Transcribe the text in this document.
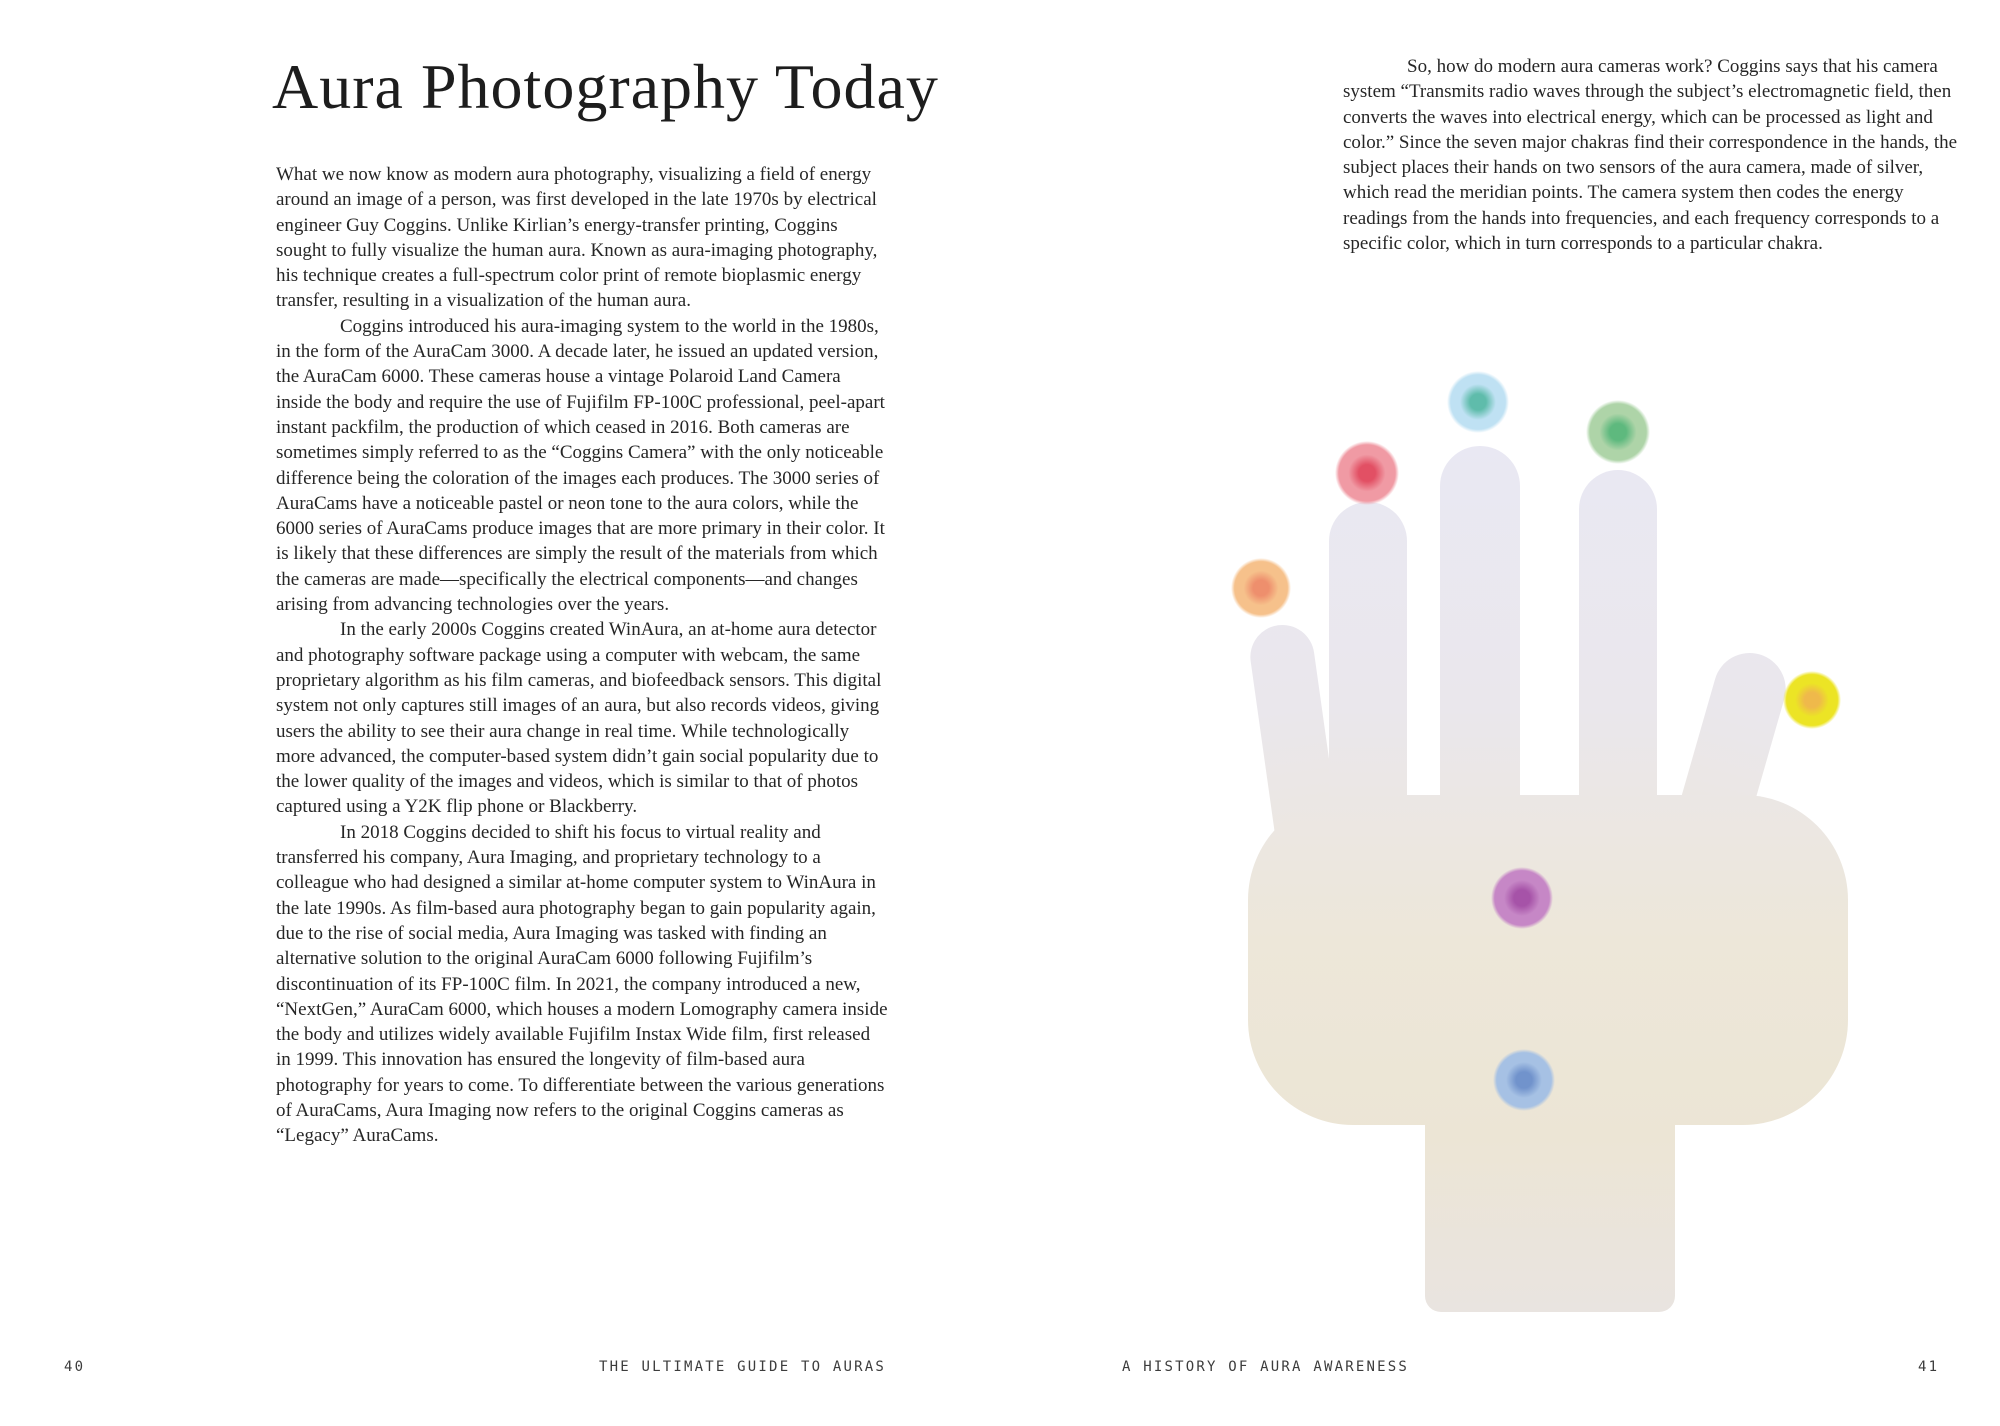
Aura Photography Today

What we now know as modern aura photography, visualizing a field of energy around an image of a person, was first developed in the late 1970s by electrical engineer Guy Coggins. Unlike Kirlian’s energy-transfer printing, Coggins sought to fully visualize the human aura. Known as aura-imaging photography, his technique creates a full-spectrum color print of remote bioplasmic energy transfer, resulting in a visualization of the human aura.

Coggins introduced his aura-imaging system to the world in the 1980s, in the form of the AuraCam 3000. A decade later, he issued an updated version, the AuraCam 6000. These cameras house a vintage Polaroid Land Camera inside the body and require the use of Fujifilm FP-100C professional, peel-apart instant packfilm, the production of which ceased in 2016. Both cameras are sometimes simply referred to as the “Coggins Camera” with the only noticeable difference being the coloration of the images each produces. The 3000 series of AuraCams have a noticeable pastel or neon tone to the aura colors, while the 6000 series of AuraCams produce images that are more primary in their color. It is likely that these differences are simply the result of the materials from which the cameras are made—specifically the electrical components—and changes arising from advancing technologies over the years.

In the early 2000s Coggins created WinAura, an at-home aura detector and photography software package using a computer with webcam, the same proprietary algorithm as his film cameras, and biofeedback sensors. This digital system not only captures still images of an aura, but also records videos, giving users the ability to see their aura change in real time. While technologically more advanced, the computer-based system didn’t gain social popularity due to the lower quality of the images and videos, which is similar to that of photos captured using a Y2K flip phone or Blackberry.

In 2018 Coggins decided to shift his focus to virtual reality and transferred his company, Aura Imaging, and proprietary technology to a colleague who had designed a similar at-home computer system to WinAura in the late 1990s. As film-based aura photography began to gain popularity again, due to the rise of social media, Aura Imaging was tasked with finding an alternative solution to the original AuraCam 6000 following Fujifilm’s discontinuation of its FP-100C film. In 2021, the company introduced a new, “NextGen,” AuraCam 6000, which houses a modern Lomography camera inside the body and utilizes widely available Fujifilm Instax Wide film, first released in 1999. This innovation has ensured the longevity of film-based aura photography for years to come. To differentiate between the various generations of AuraCams, Aura Imaging now refers to the original Coggins cameras as “Legacy” AuraCams.

So, how do modern aura cameras work? Coggins says that his camera system “Transmits radio waves through the subject’s electromagnetic field, then converts the waves into electrical energy, which can be processed as light and color.” Since the seven major chakras find their correspondence in the hands, the subject places their hands on two sensors of the aura camera, made of silver, which read the meridian points. The camera system then codes the energy readings from the hands into frequencies, and each frequency corresponds to a specific color, which in turn corresponds to a particular chakra.

40	THE ULTIMATE GUIDE TO AURAS	A HISTORY OF AURA AWARENESS	41
